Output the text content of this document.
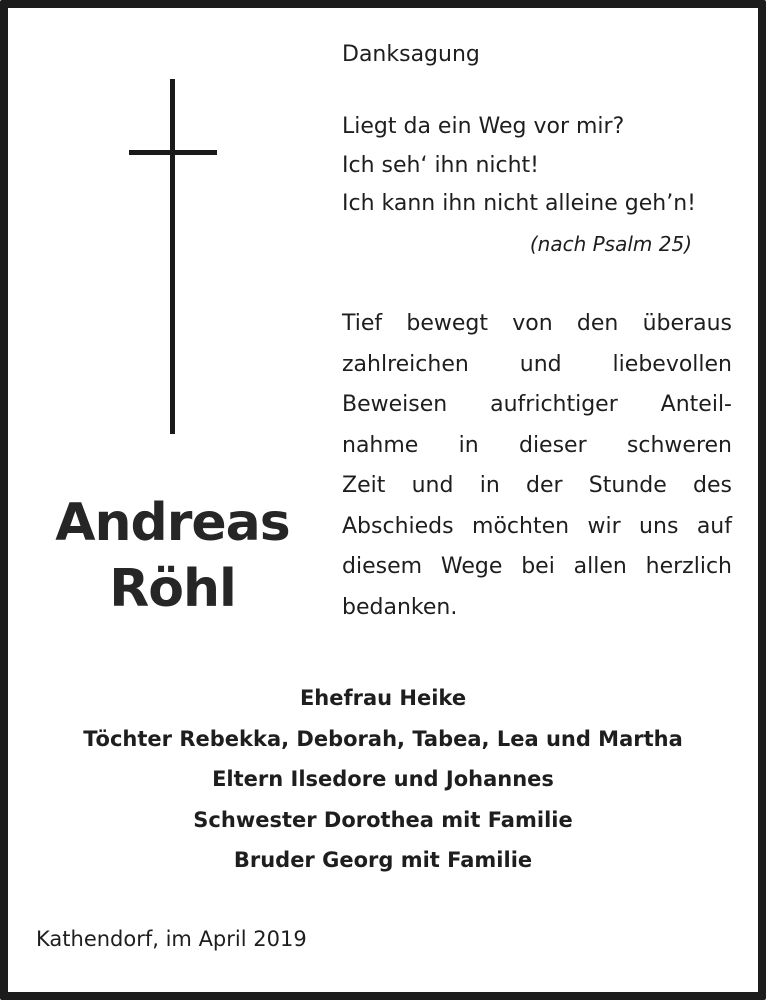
Andreas
Röhl
Danksagung
Liegt da ein Weg vor mir?
Ich seh‘ ihn nicht!
Ich kann ihn nicht alleine geh’n!
(nach Psalm 25)
Tief bewegt von den überaus
zahlreichen und liebevollen
Beweisen aufrichtiger Anteil-
nahme in dieser schweren
Zeit und in der Stunde des
Abschieds möchten wir uns auf
diesem Wege bei allen herzlich
bedanken.
Ehefrau Heike
Töchter Rebekka, Deborah, Tabea, Lea und Martha
Eltern Ilsedore und Johannes
Schwester Dorothea mit Familie
Bruder Georg mit Familie
Kathendorf, im April 2019
